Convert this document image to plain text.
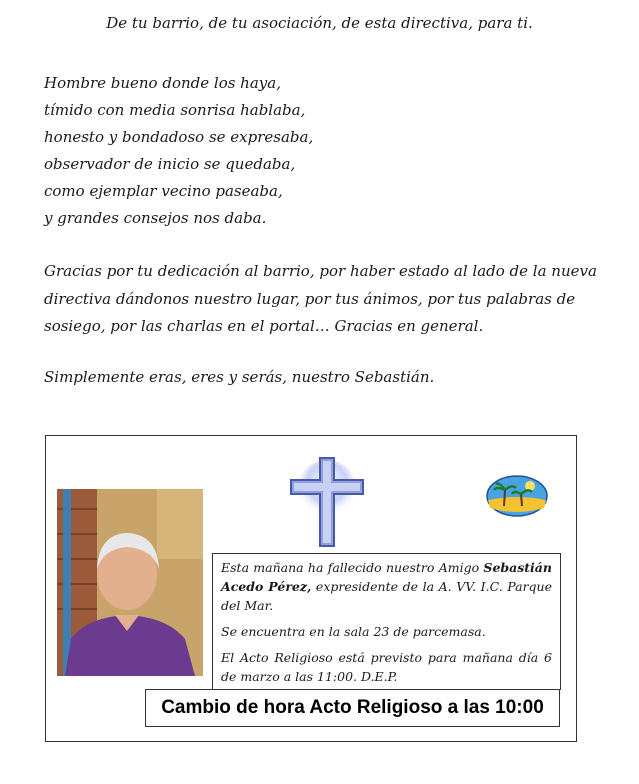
De tu barrio, de tu asociación, de esta directiva, para ti.
Hombre bueno donde los haya,
tímido con media sonrisa hablaba,
honesto y bondadoso se expresaba,
observador de inicio se quedaba,
como ejemplar vecino paseaba,
y grandes consejos nos daba.
Gracias por tu dedicación al barrio, por haber estado al lado de la nueva directiva dándonos nuestro lugar, por tus ánimos, por tus palabras de sosiego, por las charlas en el portal… Gracias en general.
Simplemente eras, eres y serás, nuestro Sebastián.

Esta mañana ha fallecido nuestro Amigo Sebastián Acedo Pérez, expresidente de la A. VV. I.C. Parque del Mar.

Se encuentra en la sala 23 de parcemasa.

El Acto Religioso está previsto para mañana día 6 de marzo a las 11:00. D.E.P.

Cambio de hora Acto Religioso a las 10:00
